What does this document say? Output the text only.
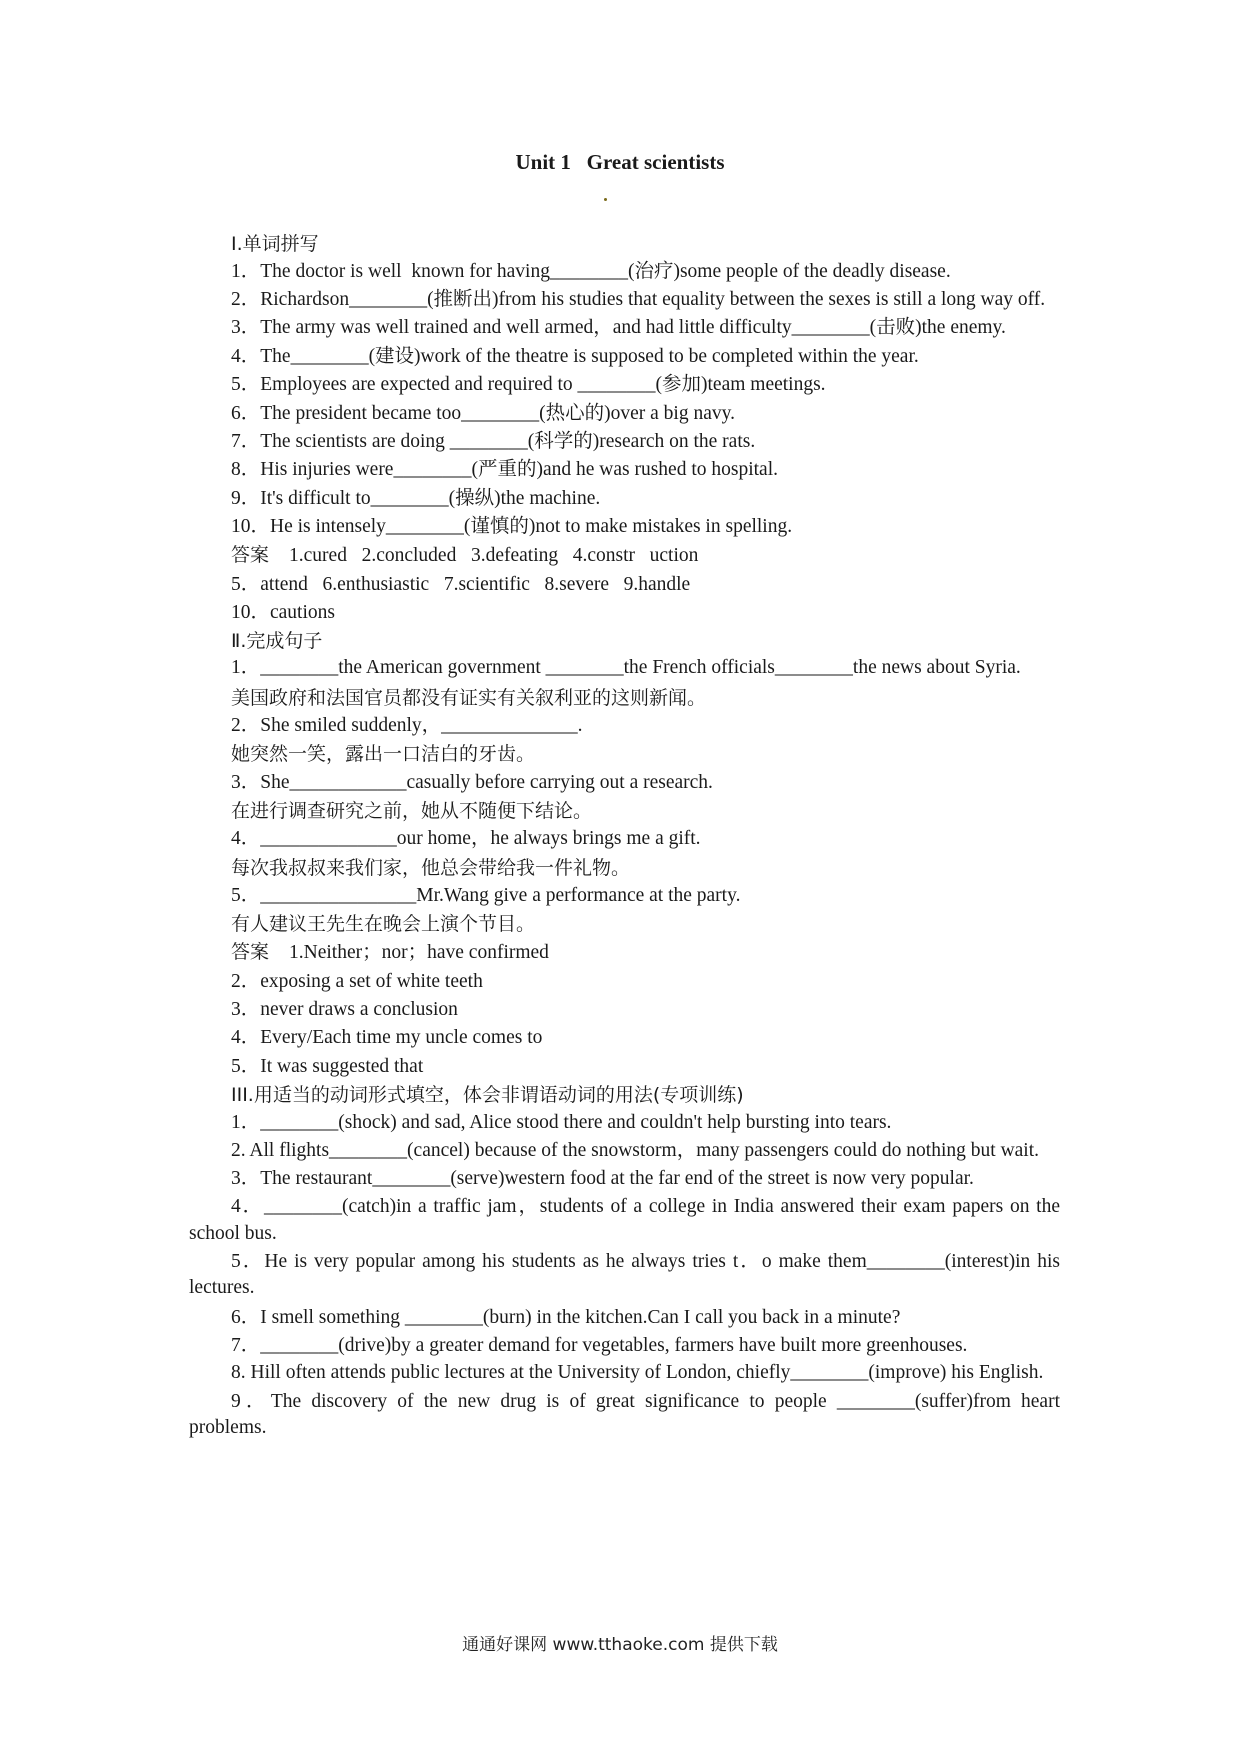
Unit 1   Great scientists
Ⅰ.单词拼写
1．The doctor is well  known for having________(治疗)some people of the deadly disease.
2．Richardson________(推断出)from his studies that equality between the sexes is still a long way off.
3．The army was well trained and well armed，and had little difficulty________(击败)the enemy.
4．The________(建设)work of the theatre is supposed to be completed within the year.
5．Employees are expected and required to ________(参加)team meetings.
6．The president became too________(热心的)over a big navy.
7．The scientists are doing ________(科学的)research on the rats.
8．His injuries were________(严重的)and he was rushed to hospital.
9．It's difficult to________(操纵)the machine.
10．He is intensely________(谨慎的)not to make mistakes in spelling.
答案 1.cured   2.concluded   3.defeating   4.constr   uction
5．attend   6.enthusiastic   7.scientific   8.severe   9.handle
10．cautions
Ⅱ.完成句子
1．________the American government ________the French officials________the news about Syria.
美国政府和法国官员都没有证实有关叙利亚的这则新闻。
2．She smiled suddenly，______________.
她突然一笑，露出一口洁白的牙齿。
3．She____________casually before carrying out a research.
在进行调查研究之前，她从不随便下结论。
4．______________our home，he always brings me a gift.
每次我叔叔来我们家，他总会带给我一件礼物。
5．________________Mr.Wang give a performance at the party.
有人建议王先生在晚会上演个节目。
答案 1.Neither；nor；have confirmed
2．exposing a set of white teeth
3．never draws a conclusion
4．Every/Each time my uncle comes to
5．It was suggested that
III.用适当的动词形式填空，体会非谓语动词的用法(专项训练)
1．________(shock) and sad, Alice stood there and couldn't help bursting into tears.
2. All flights________(cancel) because of the snowstorm，many passengers could do nothing but wait.
3．The restaurant________(serve)western food at the far end of the street is now very popular.
4．________(catch)in a traffic jam，students of a college in India answered their exam papers on the school bus.
5．He is very popular among his students as he always tries t．o make them________(interest)in his lectures.
6．I smell something ________(burn) in the kitchen.Can I call you back in a minute?
7．________(drive)by a greater demand for vegetables, farmers have built more greenhouses.
8. Hill often attends public lectures at the University of London, chiefly________(improve) his English.
9．The discovery of the new drug is of great significance to people ________(suffer)from heart problems.
通通好课网 www.tthaoke.com 提供下载
